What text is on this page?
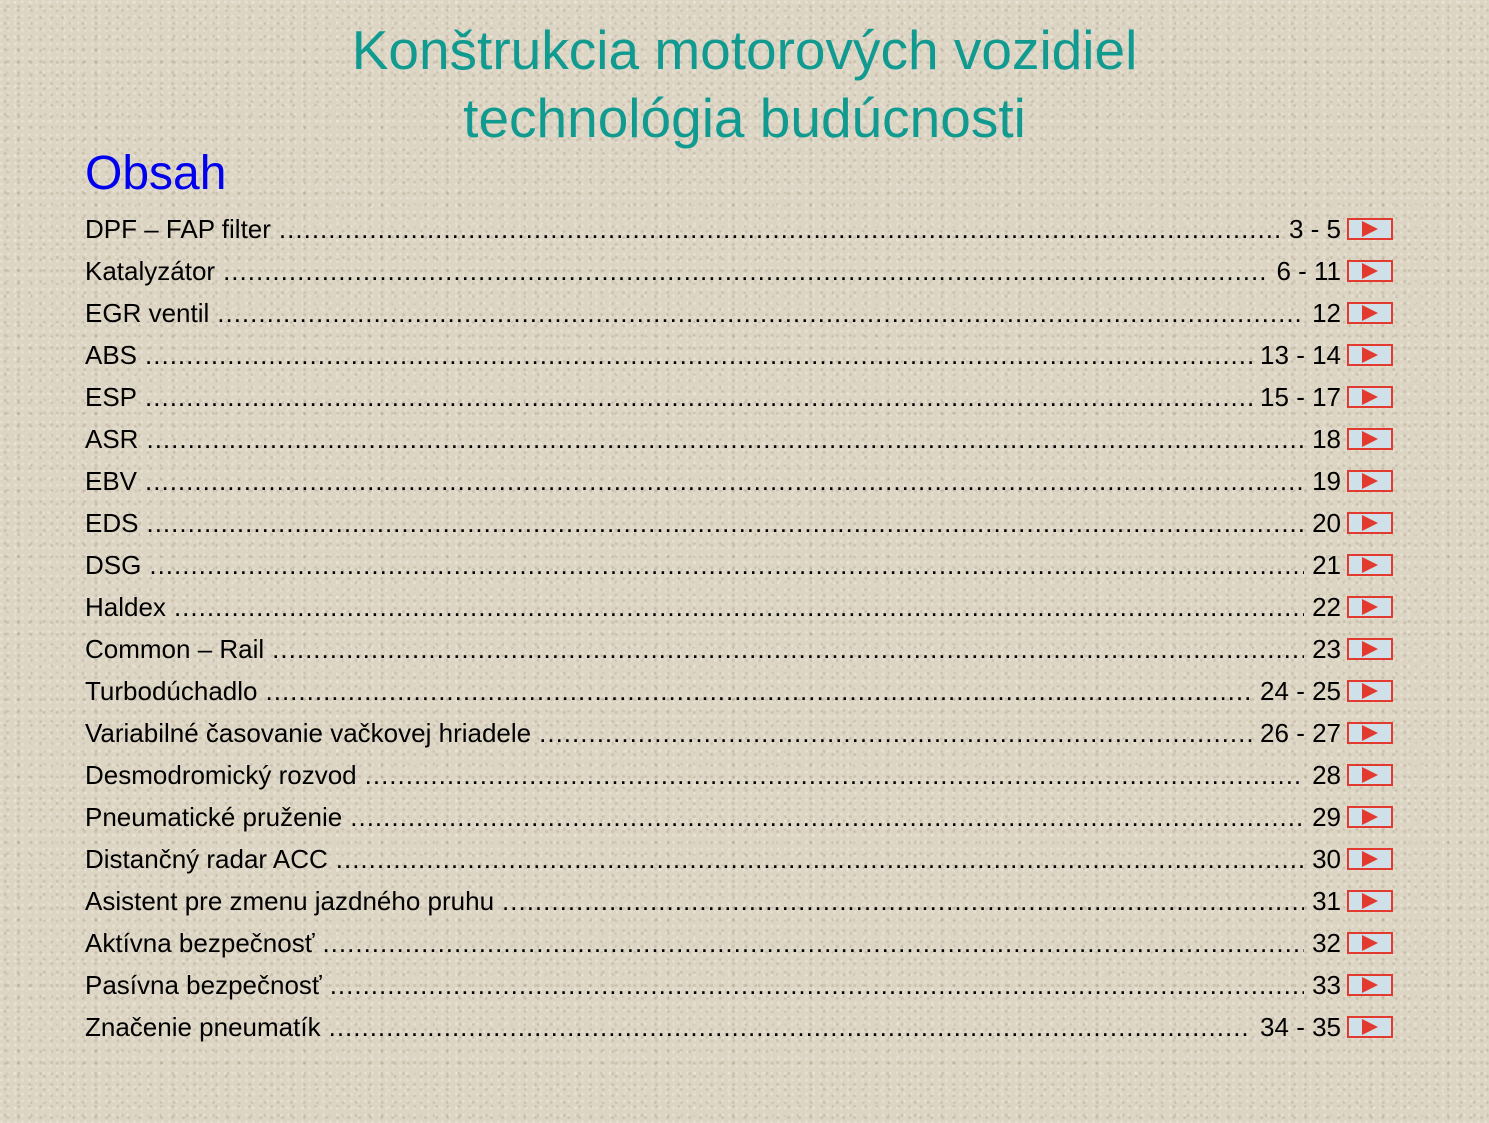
Konštrukcia motorových vozidiel
technológia budúcnosti
Obsah
DPF – FAP filter .....	3 - 5
Katalyzátor .....	6 - 11
EGR ventil .....	12
ABS .....	13 - 14
ESP .....	15 - 17
ASR .....	18
EBV .....	19
EDS .....	20
DSG .....	21
Haldex .....	22
Common – Rail .....	23
Turbodúchadlo .....	24 - 25
Variabilné časovanie vačkovej hriadele .....	26 - 27
Desmodromický rozvod .....	28
Pneumatické pruženie .....	29
Distančný radar ACC .....	30
Asistent pre zmenu jazdného pruhu .....	31
Aktívna bezpečnosť .....	32
Pasívna bezpečnosť .....	33
Značenie pneumatík .....	34 - 35
